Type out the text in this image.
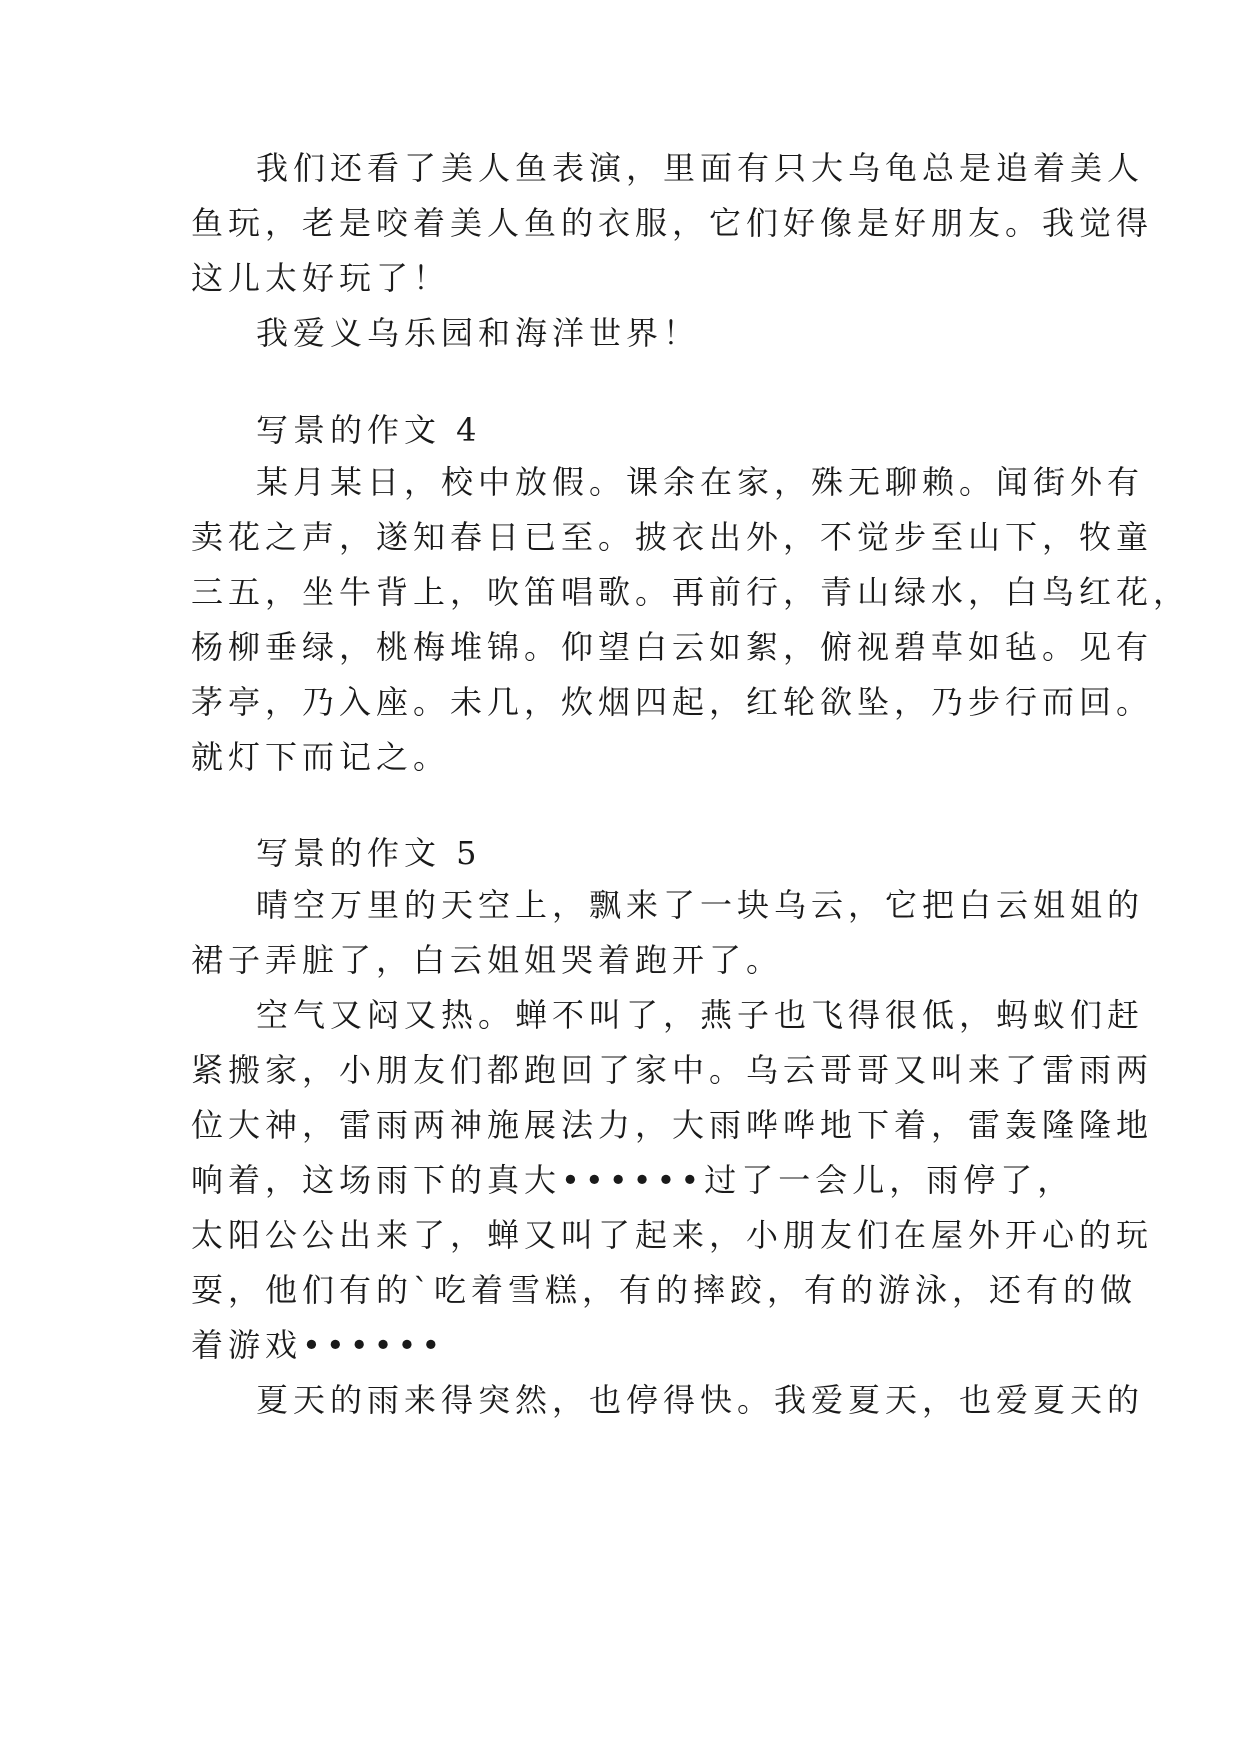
我们还看了美人鱼表演，里面有只大乌龟总是追着美人
鱼玩，老是咬着美人鱼的衣服，它们好像是好朋友。我觉得
这儿太好玩了！
我爱义乌乐园和海洋世界！
写景的作文 4
某月某日，校中放假。课余在家，殊无聊赖。闻街外有
卖花之声，遂知春日已至。披衣出外，不觉步至山下，牧童
三五，坐牛背上，吹笛唱歌。再前行，青山绿水，白鸟红花，
杨柳垂绿，桃梅堆锦。仰望白云如絮，俯视碧草如毡。见有
茅亭，乃入座。未几，炊烟四起，红轮欲坠，乃步行而回。
就灯下而记之。
写景的作文 5
晴空万里的天空上，飘来了一块乌云，它把白云姐姐的
裙子弄脏了，白云姐姐哭着跑开了。
空气又闷又热。蝉不叫了，燕子也飞得很低，蚂蚁们赶
紧搬家，小朋友们都跑回了家中。乌云哥哥又叫来了雷雨两
位大神，雷雨两神施展法力，大雨哗哗地下着，雷轰隆隆地
响着，这场雨下的真大••••••过了一会儿，雨停了，
太阳公公出来了，蝉又叫了起来，小朋友们在屋外开心的玩
耍，他们有的`吃着雪糕，有的摔跤，有的游泳，还有的做
着游戏••••••
夏天的雨来得突然，也停得快。我爱夏天，也爱夏天的
